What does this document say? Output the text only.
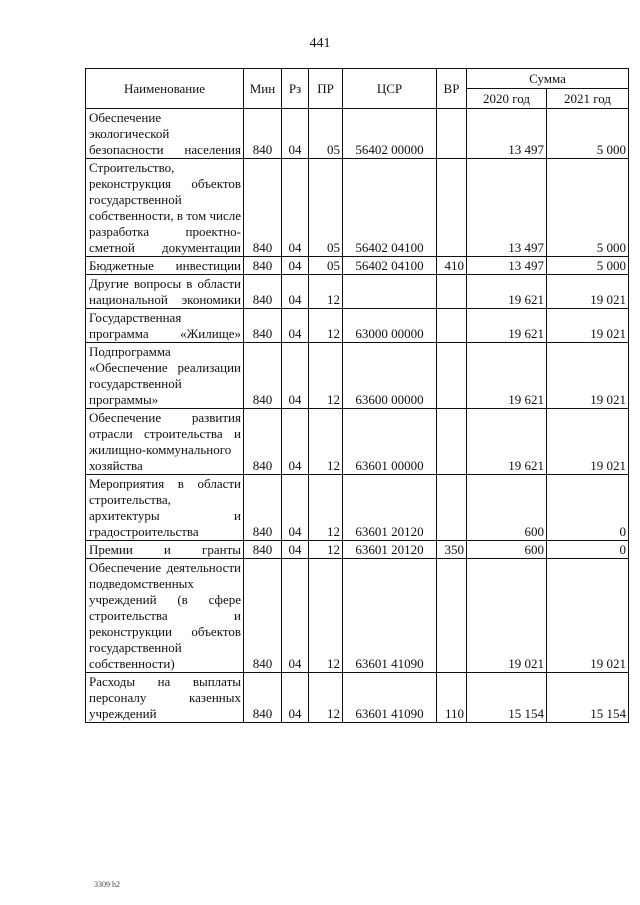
441
Наименование	Мин	Рз	ПР	ЦСР	ВР	Сумма	
						2020 год	2021 год
Обеспечение экологической безопасности населения	840	04	05	56402 00000		13 497	5 000
Строительство, реконструкция объектов государственной собственности, в том числе разработка проектно-сметной документации	840	04	05	56402 04100		13 497	5 000
Бюджетные инвестиции	840	04	05	56402 04100	410	13 497	5 000
Другие вопросы в области национальной экономики	840	04	12			19 621	19 021
Государственная программа «Жилище»	840	04	12	63000 00000		19 621	19 021
Подпрограмма «Обеспечение реализации государственной программы»	840	04	12	63600 00000		19 621	19 021
Обеспечение развития отрасли строительства и жилищно-коммунального хозяйства	840	04	12	63601 00000		19 621	19 021
Мероприятия в области строительства, архитектуры и градостроительства	840	04	12	63601 20120		600	0
Премии и гранты	840	04	12	63601 20120	350	600	0
Обеспечение деятельности подведомственных учреждений (в сфере строительства и реконструкции объектов государственной собственности)	840	04	12	63601 41090		19 021	19 021
Расходы на выплаты персоналу казенных учреждений	840	04	12	63601 41090	110	15 154	15 154
3309 h2
